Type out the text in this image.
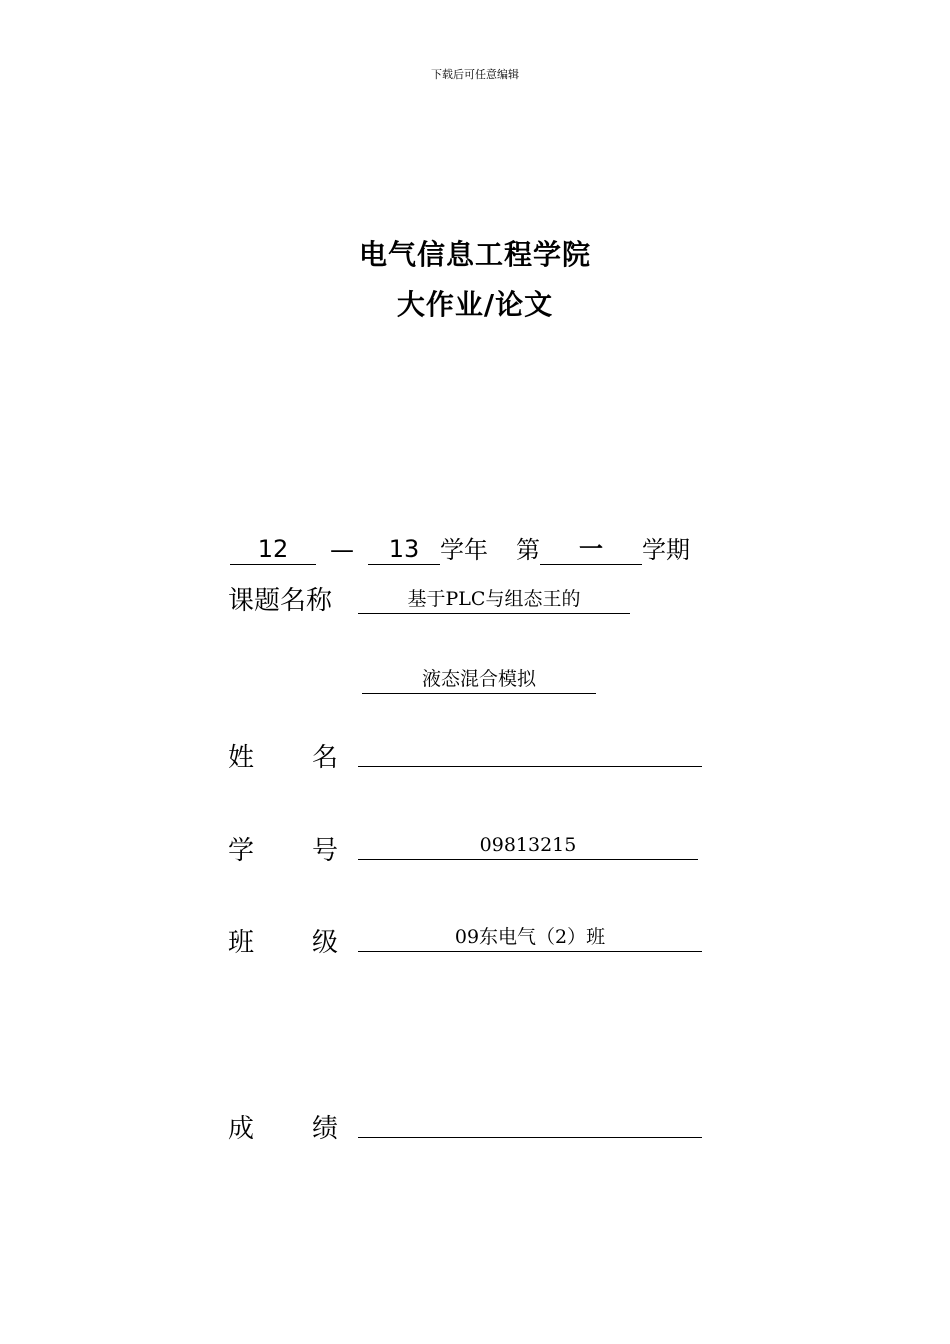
下载后可任意编辑
电气信息工程学院
大作业/论文
12 — 13 学年 第 一 学期
课题名称	基于PLC与组态王的
液态混合模拟
姓 名
学 号	09813215
班 级	09东电气（2）班
成 绩
